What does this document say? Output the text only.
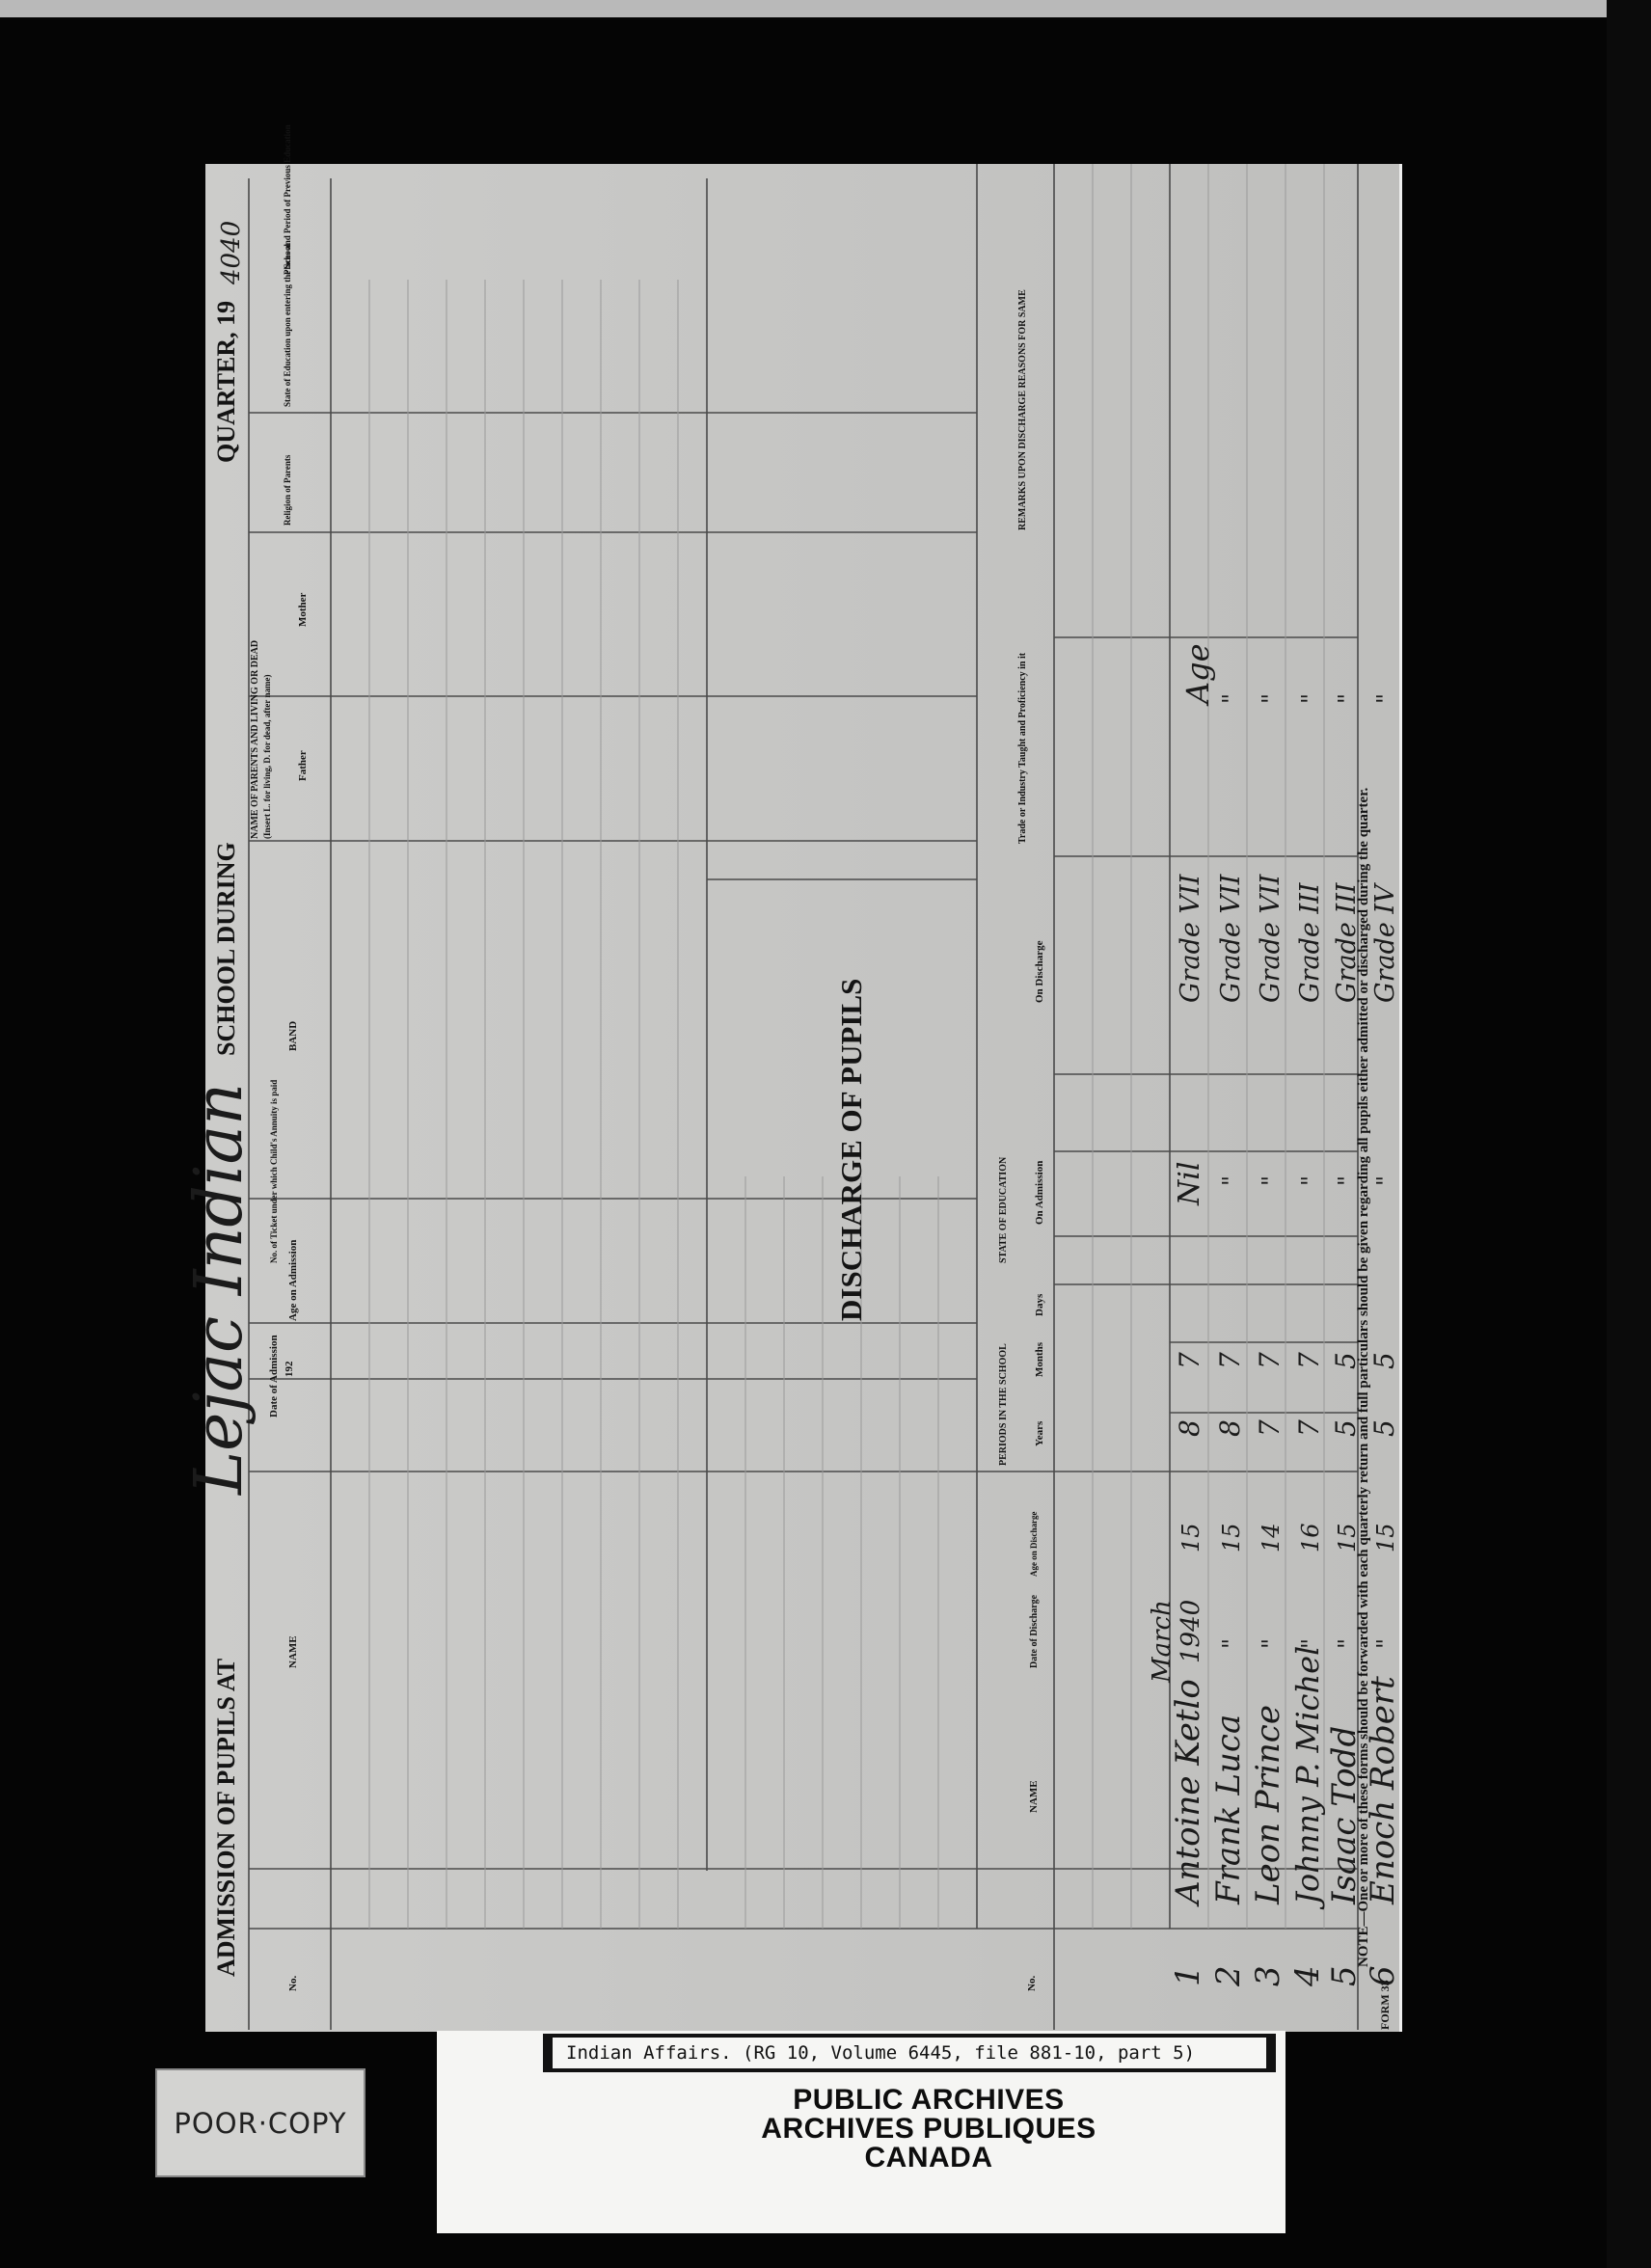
ADMISSION OF PUPILS AT
Lejac Indian
SCHOOL DURING
QUARTER, 19
4040
No.
NAME
Date of Admission 192
Age on Admission
No. of Ticket under which Child's Annuity is paid
BAND
NAME OF PARENTS AND LIVING OR DEAD (Insert L. for living, D. for dead, after name) Father
Mother
Religion of Parents
State of Education upon entering the School
Places and Period of Previous Education
DISCHARGE OF PUPILS
No.
NAME
Date of Discharge
Age on Discharge
PERIODS IN THE SCHOOL Years
Months
Days
STATE OF EDUCATION On Admission
On Discharge
Trade or Industry Taught and Proficiency in it
REMARKS UPON DISCHARGE REASONS FOR SAME
1
Antoine Ketlo
March 1940
15
8
7
Nil
Grade VII
Age
2
Frank Luca
"
15
8
7
"
Grade VII
"
3
Leon Prince
"
14
7
7
"
Grade VII
"
4
Johnny P. Michel
"
16
7
7
"
Grade III
"
5
Isaac Todd
"
15
5
5
"
Grade III
"
6
Enoch Robert
"
15
5
5
"
Grade IV
"
NOTE—One or more of these forms should be forwarded with each quarterly return and full particulars should be given regarding all pupils either admitted or discharged during the quarter.
FORM 33
Indian Affairs. (RG 10, Volume 6445, file 881-10, part 5)
PUBLIC ARCHIVES
ARCHIVES PUBLIQUES
CANADA
POOR·COPY
